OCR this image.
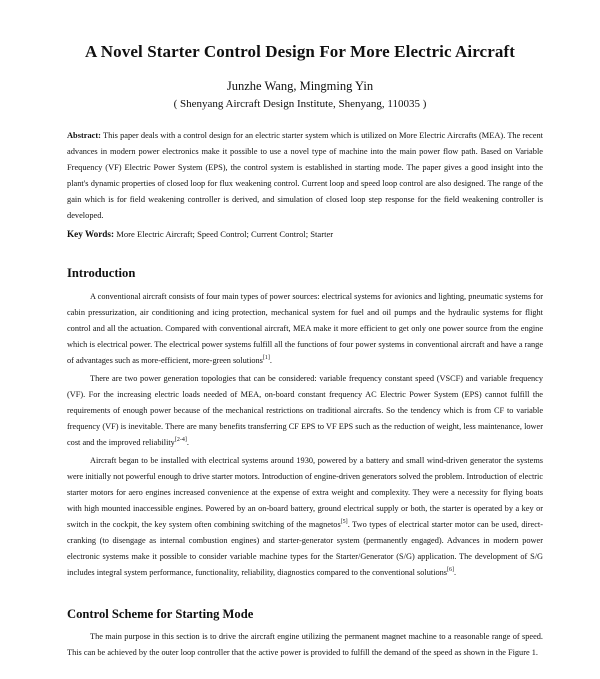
A Novel Starter Control Design For More Electric Aircraft
Junzhe Wang, Mingming Yin
( Shenyang Aircraft Design Institute, Shenyang, 110035 )
Abstract: This paper deals with a control design for an electric starter system which is utilized on More Electric Aircrafts (MEA). The recent advances in modern power electronics make it possible to use a novel type of machine into the main power flow path. Based on Variable Frequency (VF) Electric Power System (EPS), the control system is established in starting mode. The paper gives a good insight into the plant's dynamic properties of closed loop for flux weakening control. Current loop and speed loop control are also designed. The range of the gain which is for field weakening controller is derived, and simulation of closed loop step response for the field weakening controller is developed.
Key Words: More Electric Aircraft; Speed Control; Current Control; Starter
Introduction

A conventional aircraft consists of four main types of power sources: electrical systems for avionics and lighting, pneumatic systems for cabin pressurization, air conditioning and icing protection, mechanical system for fuel and oil pumps and the hydraulic systems for flight control and all the actuation. Compared with conventional aircraft, MEA make it more efficient to get only one power source from the engine which is electrical power. The electrical power systems fulfill all the functions of four power systems in conventional aircraft and have a range of advantages such as more-efficient, more-green solutions[1].

There are two power generation topologies that can be considered: variable frequency constant speed (VSCF) and variable frequency (VF). For the increasing electric loads needed of MEA, on-board constant frequency AC Electric Power System (EPS) cannot fulfill the requirements of enough power because of the mechanical restrictions on traditional aircrafts. So the tendency which is from CF to variable frequency (VF) is inevitable. There are many benefits transferring CF EPS to VF EPS such as the reduction of weight, less maintenance, lower cost and the improved reliability[2-4].

Aircraft began to be installed with electrical systems around 1930, powered by a battery and small wind-driven generator the systems were initially not powerful enough to drive starter motors. Introduction of engine-driven generators solved the problem. Introduction of electric starter motors for aero engines increased convenience at the expense of extra weight and complexity. They were a necessity for flying boats with high mounted inaccessible engines. Powered by an on-board battery, ground electrical supply or both, the starter is operated by a key or switch in the cockpit, the key system often combining switching of the magnetos[5]. Two types of electrical starter motor can be used, direct-cranking (to disengage as internal combustion engines) and starter-generator system (permanently engaged). Advances in modern power electronic systems make it possible to consider variable machine types for the Starter/Generator (S/G) application. The development of S/G includes integral system performance, functionality, reliability, diagnostics compared to the conventional solutions[6].

Control Scheme for Starting Mode

The main purpose in this section is to drive the aircraft engine utilizing the permanent magnet machine to a reasonable range of speed. This can be achieved by the outer loop controller that the active power is provided to fulfill the demand of the speed as shown in the Figure 1.
